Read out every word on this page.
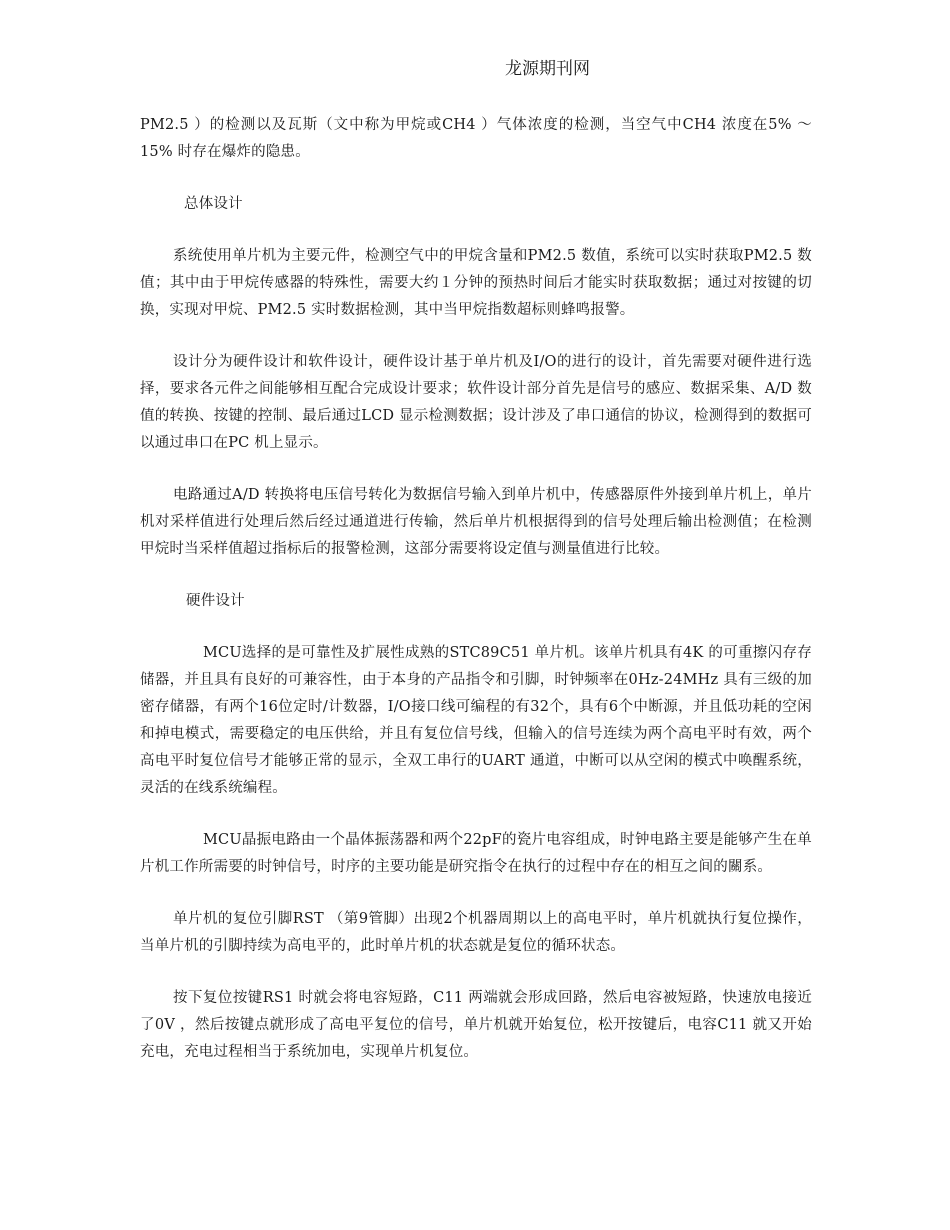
龙源期刊网

PM2.5 ）的检测以及瓦斯（文中称为甲烷或CH4 ）气体浓度的检测，当空气中CH4 浓度在5% ～15% 时存在爆炸的隐患。

总体设计

系统使用单片机为主要元件，检测空气中的甲烷含量和PM2.5 数值，系统可以实时获取PM2.5 数值；其中由于甲烷传感器的特殊性，需要大约１分钟的预热时间后才能实时获取数据；通过对按键的切换，实现对甲烷、PM2.5 实时数据检测，其中当甲烷指数超标则蜂鸣报警。

设计分为硬件设计和软件设计，硬件设计基于单片机及I/O的进行的设计，首先需要对硬件进行选择，要求各元件之间能够相互配合完成设计要求；软件设计部分首先是信号的感应、数据采集、A/D 数值的转换、按键的控制、最后通过LCD 显示检测数据；设计涉及了串口通信的协议，检测得到的数据可以通过串口在PC 机上显示。

电路通过A/D 转换将电压信号转化为数据信号输入到单片机中，传感器原件外接到单片机上，单片机对采样值进行处理后然后经过通道进行传输，然后单片机根据得到的信号处理后输出检测值；在检测甲烷时当采样值超过指标后的报警检测，这部分需要将设定值与测量值进行比较。

硬件设计

MCU选择的是可靠性及扩展性成熟的STC89C51 单片机。该单片机具有4K 的可重擦闪存存储器，并且具有良好的可兼容性，由于本身的产品指令和引脚，时钟频率在0Hz-24MHz 具有三级的加密存储器，有两个16位定时/计数器，I/O接口线可编程的有32个，具有6个中断源，并且低功耗的空闲和掉电模式，需要稳定的电压供给，并且有复位信号线，但输入的信号连续为两个高电平时有效，两个高电平时复位信号才能够正常的显示，全双工串行的UART 通道，中断可以从空闲的模式中唤醒系统，灵活的在线系统编程。

MCU晶振电路由一个晶体振荡器和两个22pF的瓷片电容组成，时钟电路主要是能够产生在单片机工作所需要的时钟信号，时序的主要功能是研究指令在执行的过程中存在的相互之间的關系。

单片机的复位引脚RST （第9管脚）出现2个机器周期以上的高电平时，单片机就执行复位操作，当单片机的引脚持续为高电平的，此时单片机的状态就是复位的循环状态。

按下复位按键RS1 时就会将电容短路，C11 两端就会形成回路，然后电容被短路，快速放电接近了0V ，然后按键点就形成了高电平复位的信号，单片机就开始复位，松开按键后，电容C11 就又开始充电，充电过程相当于系统加电，实现单片机复位。
